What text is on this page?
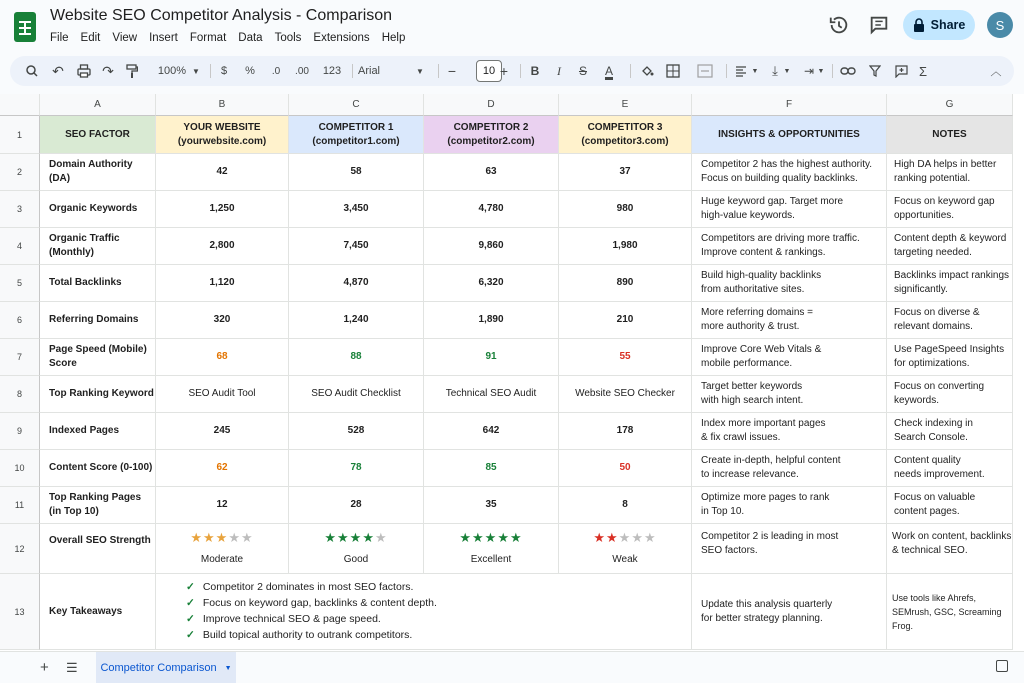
Website SEO Competitor Analysis - Comparison
File	Edit	View	Insert	Format	Data	Tools	Extensions	Help
Share	S
↶	↷	100% ▼	$	%	.0	.00 123 Arial	▼ −	10 +	B	I	S	A	▼	⤓ ▼	⇥ ▼	Σ	︿
A	B	C	D	E	F	G
1
2
3
4
5
6
7
8
9
10
11
12
13
SEO FACTOR
YOUR WEBSITE
(yourwebsite.com)
COMPETITOR 1
(competitor1.com)
COMPETITOR 2
(competitor2.com)
COMPETITOR 3
(competitor3.com)
INSIGHTS & OPPORTUNITIES	NOTES
Domain Authority (DA)
42	58	63	37
Competitor 2 has the highest authority.
Focus on building quality backlinks.
High DA helps in better
ranking potential.
Organic Keywords	1,250	3,450	4,780	980
Huge keyword gap. Target more
high-value keywords.
Focus on keyword gap
opportunities.
Organic Traffic (Monthly)
2,800	7,450	9,860	1,980
Competitors are driving more traffic.
Improve content & rankings.
Content depth & keyword
targeting needed.
Total Backlinks	1,120	4,870	6,320	890
Build high-quality backlinks
from authoritative sites.
Backlinks impact rankings
significantly.
Referring Domains	320	1,240	1,890	210
More referring domains =
more authority & trust.
Focus on diverse &
relevant domains.
Page Speed (Mobile)
Score
68	88	91	55
Improve Core Web Vitals &
mobile performance.
Use PageSpeed Insights
for optimizations.
Top Ranking Keyword	SEO Audit Tool	SEO Audit Checklist	Technical SEO Audit	Website SEO Checker
Target better keywords
with high search intent.
Focus on converting
keywords.
Indexed Pages	245	528	642	178
Index more important pages
& fix crawl issues.
Check indexing in
Search Console.
Content Score (0-100)	62	78	85	50
Create in-depth, helpful content
to increase relevance.
Content quality
needs improvement.
Top Ranking Pages
(in Top 10)
12	28	35	8
Optimize more pages to rank
in Top 10.
Focus on valuable
content pages.
Overall SEO Strength	★★★★★
Moderate
★★★★★
Good
★★★★★
Excellent
★★★★★
Weak
Competitor 2 is leading in most
SEO factors.
Work on content, backlinks
& technical SEO.
Key Takeaways
✓ Competitor 2 dominates in most SEO factors.
✓ Focus on keyword gap, backlinks & content depth.
✓ Improve technical SEO & page speed.
✓ Build topical authority to outrank competitors.
Update this analysis quarterly
for better strategy planning.
Use tools like Ahrefs,
SEMrush, GSC, Screaming Frog.
+ ☰ Competitor Comparison ▼
